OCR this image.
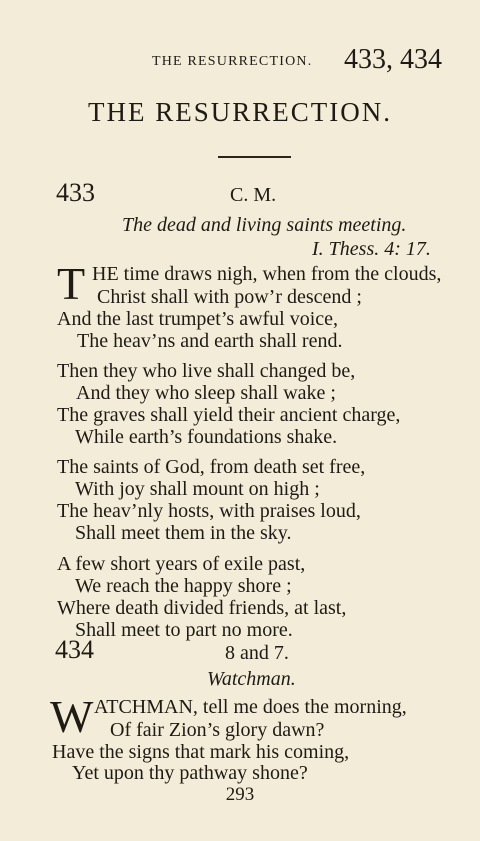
THE RESURRECTION. 433, 434
THE RESURRECTION.
433	C. M.
The dead and living saints meeting.
I. Thess. 4: 17.
T HE time draws nigh, when from the clouds,
Christ shall with pow’r descend ;
And the last trumpet’s awful voice,
The heav’ns and earth shall rend.
Then they who live shall changed be,
And they who sleep shall wake ;
The graves shall yield their ancient charge,
While earth’s foundations shake.
The saints of God, from death set free,
With joy shall mount on high ;
The heav’nly hosts, with praises loud,
Shall meet them in the sky.
A few short years of exile past,
We reach the happy shore ;
Where death divided friends, at last,
Shall meet to part no more.
434	8 and 7.
Watchman.
W ATCHMAN, tell me does the morning,
Of fair Zion’s glory dawn?
Have the signs that mark his coming,
Yet upon thy pathway shone?
293
